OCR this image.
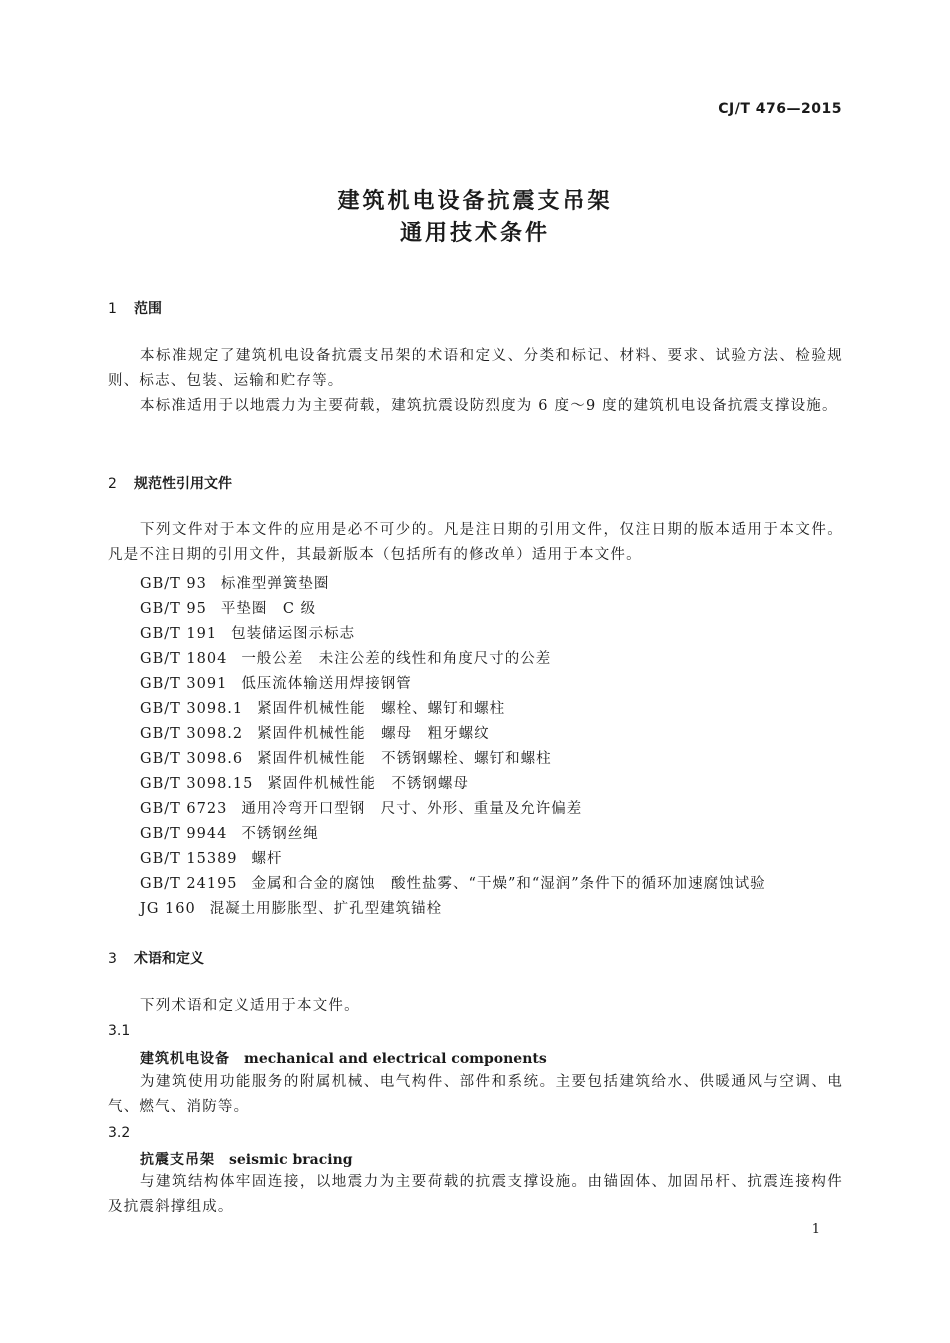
CJ/T 476—2015
建筑机电设备抗震支吊架
通用技术条件
1 范围
本标准规定了建筑机电设备抗震支吊架的术语和定义、分类和标记、材料、要求、试验方法、检验规则、标志、包装、运输和贮存等。
本标准适用于以地震力为主要荷载，建筑抗震设防烈度为 6 度～9 度的建筑机电设备抗震支撑设施。
2 规范性引用文件
下列文件对于本文件的应用是必不可少的。凡是注日期的引用文件，仅注日期的版本适用于本文件。凡是不注日期的引用文件，其最新版本（包括所有的修改单）适用于本文件。
GB/T 93 标准型弹簧垫圈
GB/T 95 平垫圈　C 级
GB/T 191 包装储运图示标志
GB/T 1804 一般公差　未注公差的线性和角度尺寸的公差
GB/T 3091 低压流体输送用焊接钢管
GB/T 3098.1 紧固件机械性能　螺栓、螺钉和螺柱
GB/T 3098.2 紧固件机械性能　螺母　粗牙螺纹
GB/T 3098.6 紧固件机械性能　不锈钢螺栓、螺钉和螺柱
GB/T 3098.15 紧固件机械性能　不锈钢螺母
GB/T 6723 通用冷弯开口型钢　尺寸、外形、重量及允许偏差
GB/T 9944 不锈钢丝绳
GB/T 15389 螺杆
GB/T 24195 金属和合金的腐蚀　酸性盐雾、“干燥”和“湿润”条件下的循环加速腐蚀试验
JG 160 混凝土用膨胀型、扩孔型建筑锚栓
3 术语和定义
下列术语和定义适用于本文件。
3.1
建筑机电设备 mechanical and electrical components
为建筑使用功能服务的附属机械、电气构件、部件和系统。主要包括建筑给水、供暖通风与空调、电气、燃气、消防等。
3.2
抗震支吊架 seismic bracing
与建筑结构体牢固连接，以地震力为主要荷载的抗震支撑设施。由锚固体、加固吊杆、抗震连接构件及抗震斜撑组成。
1
